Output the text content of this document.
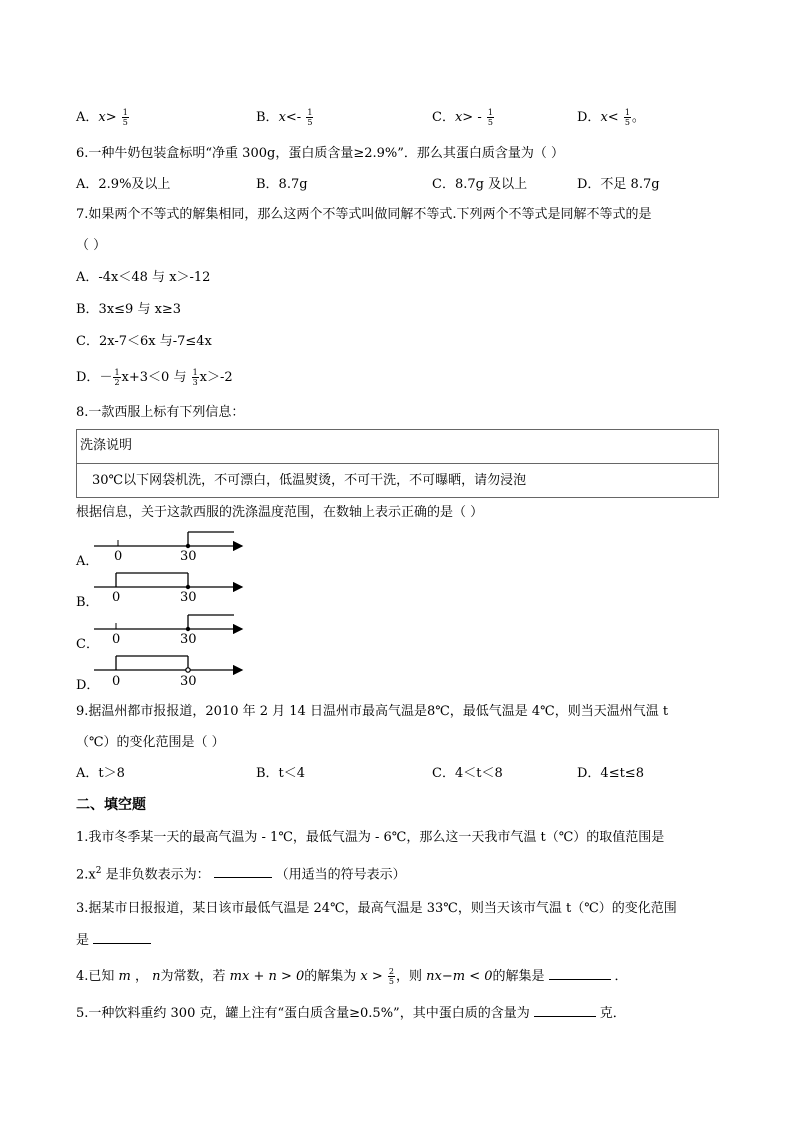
A．$x> \frac{1}{5}$	B．$x<- \frac{1}{5}$	C．$x> - \frac{1}{5}$	D．$x< \frac{1}{5}$ 。
6.一种牛奶包装盒标明“净重 300g，蛋白质含量≥2.9%”．那么其蛋白质含量为（ ）
A．2.9%及以上	B．8.7g	C．8.7g 及以上	D．不足 8.7g
7.如果两个不等式的解集相同，那么这两个不等式叫做同解不等式.下列两个不等式是同解不等式的是
（ ）
A．-4x＜48 与 x＞-12
B．3x≤9 与 x≥3
C．2x-7＜6x 与-7≤4x
D．－ $\frac{1}{2} x+3<0$ 与 $\frac{1}{3} x>-2$
8.一款西服上标有下列信息：
洗涤说明
30℃以下网袋机洗，不可漂白，低温熨烫，不可干洗，不可曝晒，请勿浸泡
根据信息，关于这款西服的洗涤温度范围，在数轴上表示正确的是（ ）
0	30
0	30
0	30
0	30
A．
B．
C．
D．
9.据温州都市报报道，2010 年 2 月 14 日温州市最高气温是8℃，最低气温是 4℃，则当天温州气温 t
（℃）的变化范围是（ ）
A．t＞8	B．t＜4	C．4＜t＜8	D．4≤t≤8
二、填空题
1.我市冬季某一天的最高气温为 - 1℃，最低气温为 - 6℃，那么这一天我市气温 t（℃）的取值范围是
$2.x^2$ 是非负数表示为：	（用适当的符号表示）
3.据某市日报报道，某日该市最低气温是 24℃，最高气温是 33℃，则当天该市气温 t（℃）的变化范围
是
4.已知 m ， n为常数，若 mx + n > 0的解集为 $x > \frac{2}{5}$ ，则 nx−m < 0的解集是	．
5.一种饮料重约 300 克，罐上注有“蛋白质含量≥0.5%”，其中蛋白质的含量为	克．
